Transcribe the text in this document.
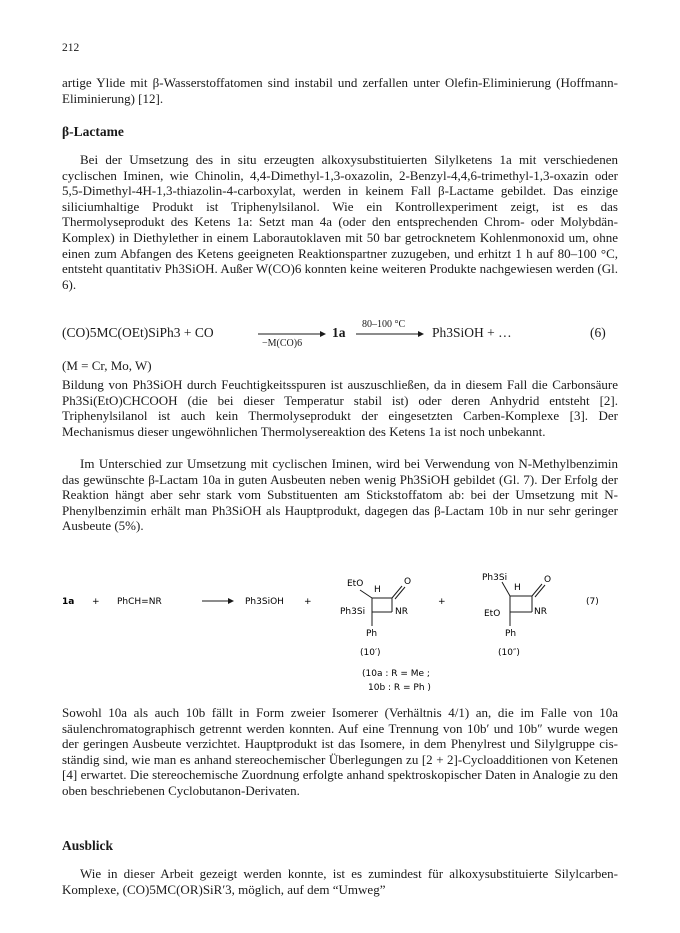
212
artige Ylide mit β-Wasserstoffatomen sind instabil und zerfallen unter Olefin-Eliminierung (Hoffmann-Eliminierung) [12].
β-Lactame
Bei der Umsetzung des in situ erzeugten alkoxysubstituierten Silylketens 1a mit verschiedenen cyclischen Iminen, wie Chinolin, 4,4-Dimethyl-1,3-oxazolin, 2-Benzyl-4,4,6-trimethyl-1,3-oxazin oder 5,5-Dimethyl-4H-1,3-thiazolin-4-carboxylat, werden in keinem Fall β-Lactame gebildet. Das einzige siliciumhaltige Produkt ist Triphenylsilanol. Wie ein Kontrollexperiment zeigt, ist es das Thermolyseprodukt des Ketens 1a: Setzt man 4a (oder den entsprechenden Chrom- oder Molybdän-Komplex) in Diethylether in einem Laborautoklaven mit 50 bar getrocknetem Kohlenmonoxid um, ohne einen zum Abfangen des Ketens geeigneten Reaktionspartner zuzugeben, und erhitzt 1 h auf 80–100 °C, entsteht quantitativ Ph3SiOH. Außer W(CO)6 konnten keine weiteren Produkte nachgewiesen werden (Gl. 6).
(CO)5MC(OEt)SiPh3 + CO
−M(CO)6
1a
80–100 °C
Ph3SiOH + …	(6)
(M = Cr, Mo, W)
Bildung von Ph3SiOH durch Feuchtigkeitsspuren ist auszuschließen, da in diesem Fall die Carbonsäure Ph3Si(EtO)CHCOOH (die bei dieser Temperatur stabil ist) oder deren Anhydrid entsteht [2]. Triphenylsilanol ist auch kein Thermolyseprodukt der eingesetzten Carben-Komplexe [3]. Der Mechanismus dieser ungewöhnlichen Thermolysereaktion des Ketens 1a ist noch unbekannt.
Im Unterschied zur Umsetzung mit cyclischen Iminen, wird bei Verwendung von N-Methylbenzimin das gewünschte β-Lactam 10a in guten Ausbeuten neben wenig Ph3SiOH gebildet (Gl. 7). Der Erfolg der Reaktion hängt aber sehr stark vom Substituenten am Stickstoffatom ab: bei der Umsetzung mit N-Phenylbenzimin erhält man Ph3SiOH als Hauptprodukt, dagegen das β-Lactam 10b in nur sehr geringer Ausbeute (5%).
1a + PhCH=NR	Ph3SiOH +
EtO
H
O
Ph3Si	NR
Ph
(10′)
+
Ph3Si
H
O
EtO	NR
Ph
(10″)
(7)
(10a : R = Me ;
10b : R = Ph )
Sowohl 10a als auch 10b fällt in Form zweier Isomerer (Verhältnis 4/1) an, die im Falle von 10a säulenchromatographisch getrennt werden konnten. Auf eine Trennung von 10b′ und 10b″ wurde wegen der geringen Ausbeute verzichtet. Hauptprodukt ist das Isomere, in dem Phenylrest und Silylgruppe cis-ständig sind, wie man es anhand stereochemischer Überlegungen zu [2 + 2]-Cycloadditionen von Ketenen [4] erwartet. Die stereochemische Zuordnung erfolgte anhand spektroskopischer Daten in Analogie zu den oben beschriebenen Cyclobutanon-Derivaten.
Ausblick
Wie in dieser Arbeit gezeigt werden konnte, ist es zumindest für alkoxysubstituierte Silylcarben-Komplexe, (CO)5MC(OR)SiR′3, möglich, auf dem “Umweg”
